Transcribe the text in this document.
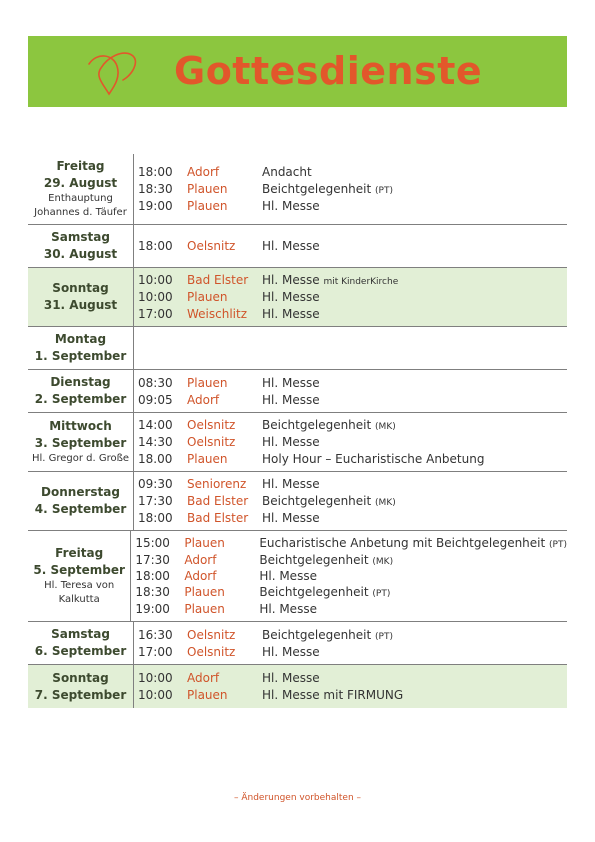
Gottesdienste
Freitag
29. August
Enthauptung Johannes d. Täufer
18:00	Adorf	Andacht
18:30	Plauen	Beichtgelegenheit (PT)
19:00	Plauen	Hl. Messe
Samstag
30. August
18:00	Oelsnitz	Hl. Messe
Sonntag
31. August
10:00	Bad Elster	Hl. Messe mit KinderKirche
10:00	Plauen	Hl. Messe
17:00	Weischlitz	Hl. Messe
Montag
1. September
Dienstag
2. September
08:30	Plauen	Hl. Messe
09:05	Adorf	Hl. Messe
Mittwoch
3. September
Hl. Gregor d. Große
14:00	Oelsnitz	Beichtgelegenheit (MK)
14:30	Oelsnitz	Hl. Messe
18.00	Plauen	Holy Hour – Eucharistische Anbetung
Donnerstag
4. September
09:30	Seniorenz	Hl. Messe
17:30	Bad Elster	Beichtgelegenheit (MK)
18:00	Bad Elster	Hl. Messe
Freitag
5. September
Hl. Teresa von Kalkutta
15:00	Plauen	Eucharistische Anbetung mit Beichtgelegenheit (PT)
17:30	Adorf	Beichtgelegenheit (MK)
18:00	Adorf	Hl. Messe
18:30	Plauen	Beichtgelegenheit (PT)
19:00	Plauen	Hl. Messe
Samstag
6. September
16:30	Oelsnitz	Beichtgelegenheit (PT)
17:00	Oelsnitz	Hl. Messe
Sonntag
7. September
10:00	Adorf	Hl. Messe
10:00	Plauen	Hl. Messe mit FIRMUNG
– Änderungen vorbehalten –
